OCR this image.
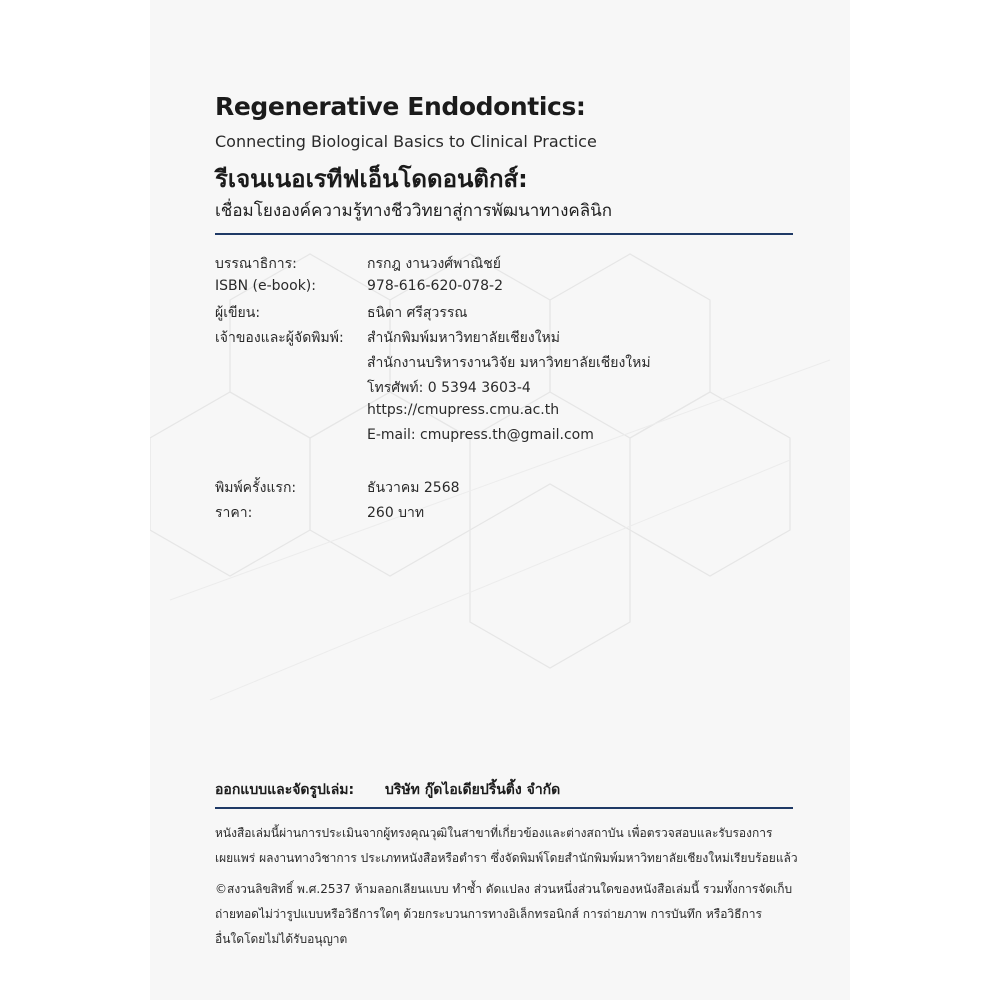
Regenerative Endodontics:
Connecting Biological Basics to Clinical Practice
รีเจนเนอเรทีฟเอ็นโดดอนติกส์:
เชื่อมโยงองค์ความรู้ทางชีววิทยาสู่การพัฒนาทางคลินิก
บรรณาธิการ:	กรกฎ งานวงศ์พาณิชย์
ISBN (e-book):	978-616-620-078-2
ผู้เขียน:	ธนิดา ศรีสุวรรณ
เจ้าของและผู้จัดพิมพ์: สำนักพิมพ์มหาวิทยาลัยเชียงใหม่
สำนักงานบริหารงานวิจัย มหาวิทยาลัยเชียงใหม่
โทรศัพท์: 0 5394 3603-4
https://cmupress.cmu.ac.th
E-mail: cmupress.th@gmail.com
พิมพ์ครั้งแรก:	ธันวาคม 2568
ราคา:	260 บาท
ออกแบบและจัดรูปเล่ม: บริษัท กู๊ดไอเดียปริ้นติ้ง จำกัด
หนังสือเล่มนี้ผ่านการประเมินจากผู้ทรงคุณวุฒิในสาขาที่เกี่ยวข้องและต่างสถาบัน เพื่อตรวจสอบและรับรองการ
เผยแพร่ ผลงานทางวิชาการ ประเภทหนังสือหรือตำรา ซึ่งจัดพิมพ์โดยสำนักพิมพ์มหาวิทยาลัยเชียงใหม่เรียบร้อยแล้ว
©สงวนลิขสิทธิ์ พ.ศ.2537 ห้ามลอกเลียนแบบ ทำซ้ำ ดัดแปลง ส่วนหนึ่งส่วนใดของหนังสือเล่มนี้ รวมทั้งการจัดเก็บ
ถ่ายทอดไม่ว่ารูปแบบหรือวิธีการใดๆ ด้วยกระบวนการทางอิเล็กทรอนิกส์ การถ่ายภาพ การบันทึก หรือวิธีการ
อื่นใดโดยไม่ได้รับอนุญาต
